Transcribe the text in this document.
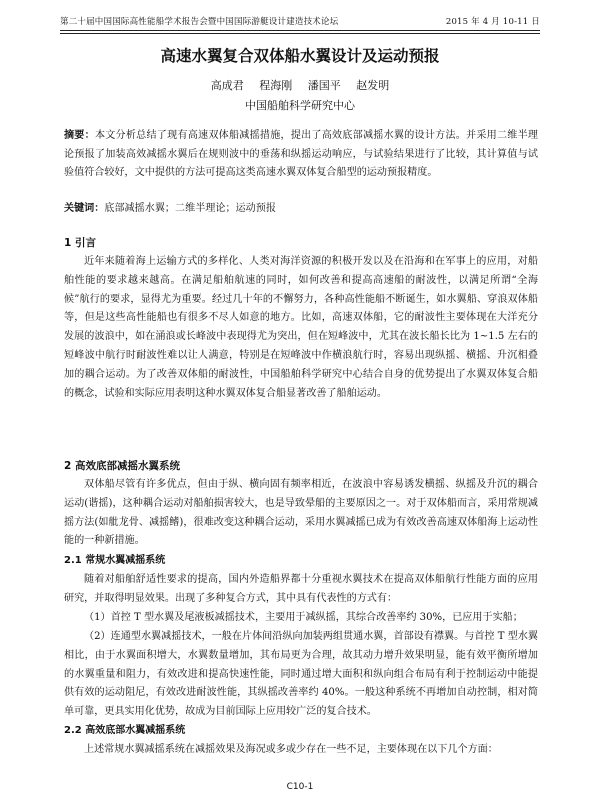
第二十届中国国际高性能船学术报告会暨中国国际游艇设计建造技术论坛	2015 年 4 月 10-11 日
高速水翼复合双体船水翼设计及运动预报
高成君 程海刚 潘国平 赵发明
中国船舶科学研究中心
摘要：本文分析总结了现有高速双体船减摇措施，提出了高效底部减摇水翼的设计方法。并采用二维半理论预报了加装高效减摇水翼后在规则波中的垂荡和纵摇运动响应，与试验结果进行了比较，其计算值与试验值符合较好，文中提供的方法可提高这类高速水翼双体复合船型的运动预报精度。
关键词：底部减摇水翼；二维半理论；运动预报
1 引言
近年来随着海上运输方式的多样化、人类对海洋资源的积极开发以及在沿海和在军事上的应用，对船舶性能的要求越来越高。在满足船舶航速的同时，如何改善和提高高速船的耐波性，以满足所谓“全海候”航行的要求，显得尤为重要。经过几十年的不懈努力，各种高性能船不断诞生，如水翼船、穿浪双体船等，但是这些高性能船也有很多不尽人如意的地方。比如，高速双体船，它的耐波性主要体现在大洋充分发展的波浪中，如在涌浪或长峰波中表现得尤为突出，但在短峰波中，尤其在波长船长比为 1~1.5 左右的短峰波中航行时耐波性难以让人满意，特别是在短峰波中作横浪航行时，容易出现纵摇、横摇、升沉相叠加的耦合运动。为了改善双体船的耐波性，中国船舶科学研究中心结合自身的优势提出了水翼双体复合船的概念，试验和实际应用表明这种水翼双体复合船显著改善了船舶运动。
2 高效底部减摇水翼系统
双体船尽管有许多优点，但由于纵、横向固有频率相近，在波浪中容易诱发横摇、纵摇及升沉的耦合运动(谐摇)，这种耦合运动对船舶损害较大，也是导致晕船的主要原因之一。对于双体船而言，采用常规减摇方法(如舭龙骨、减摇鳍)，很难改变这种耦合运动，采用水翼减摇已成为有效改善高速双体船海上运动性能的一种新措施。
2.1 常规水翼减摇系统
随着对船舶舒适性要求的提高，国内外造船界都十分重视水翼技术在提高双体船航行性能方面的应用研究，并取得明显效果。出现了多种复合方式，其中具有代表性的方式有：
（1）首控 T 型水翼及尾液板减摇技术，主要用于减纵摇，其综合改善率约 30%，已应用于实船；
（2）连通型水翼减摇技术，一般在片体间沿纵向加装两组贯通水翼，首部设有襟翼。与首控 T 型水翼相比，由于水翼面积增大，水翼数量增加，其布局更为合理，故其动力增升效果明显，能有效平衡所增加的水翼重量和阻力，有效改进和提高快速性能，同时通过增大面积和纵向组合布局有利于控制运动中能提供有效的运动阻尼，有效改进耐波性能，其纵摇改善率约 40%。一般这种系统不再增加自动控制，相对简单可靠，更具实用化优势，故成为目前国际上应用较广泛的复合技术。
2.2 高效底部水翼减摇系统
上述常规水翼减摇系统在减摇效果及海况或多或少存在一些不足，主要体现在以下几个方面：
C10-1
